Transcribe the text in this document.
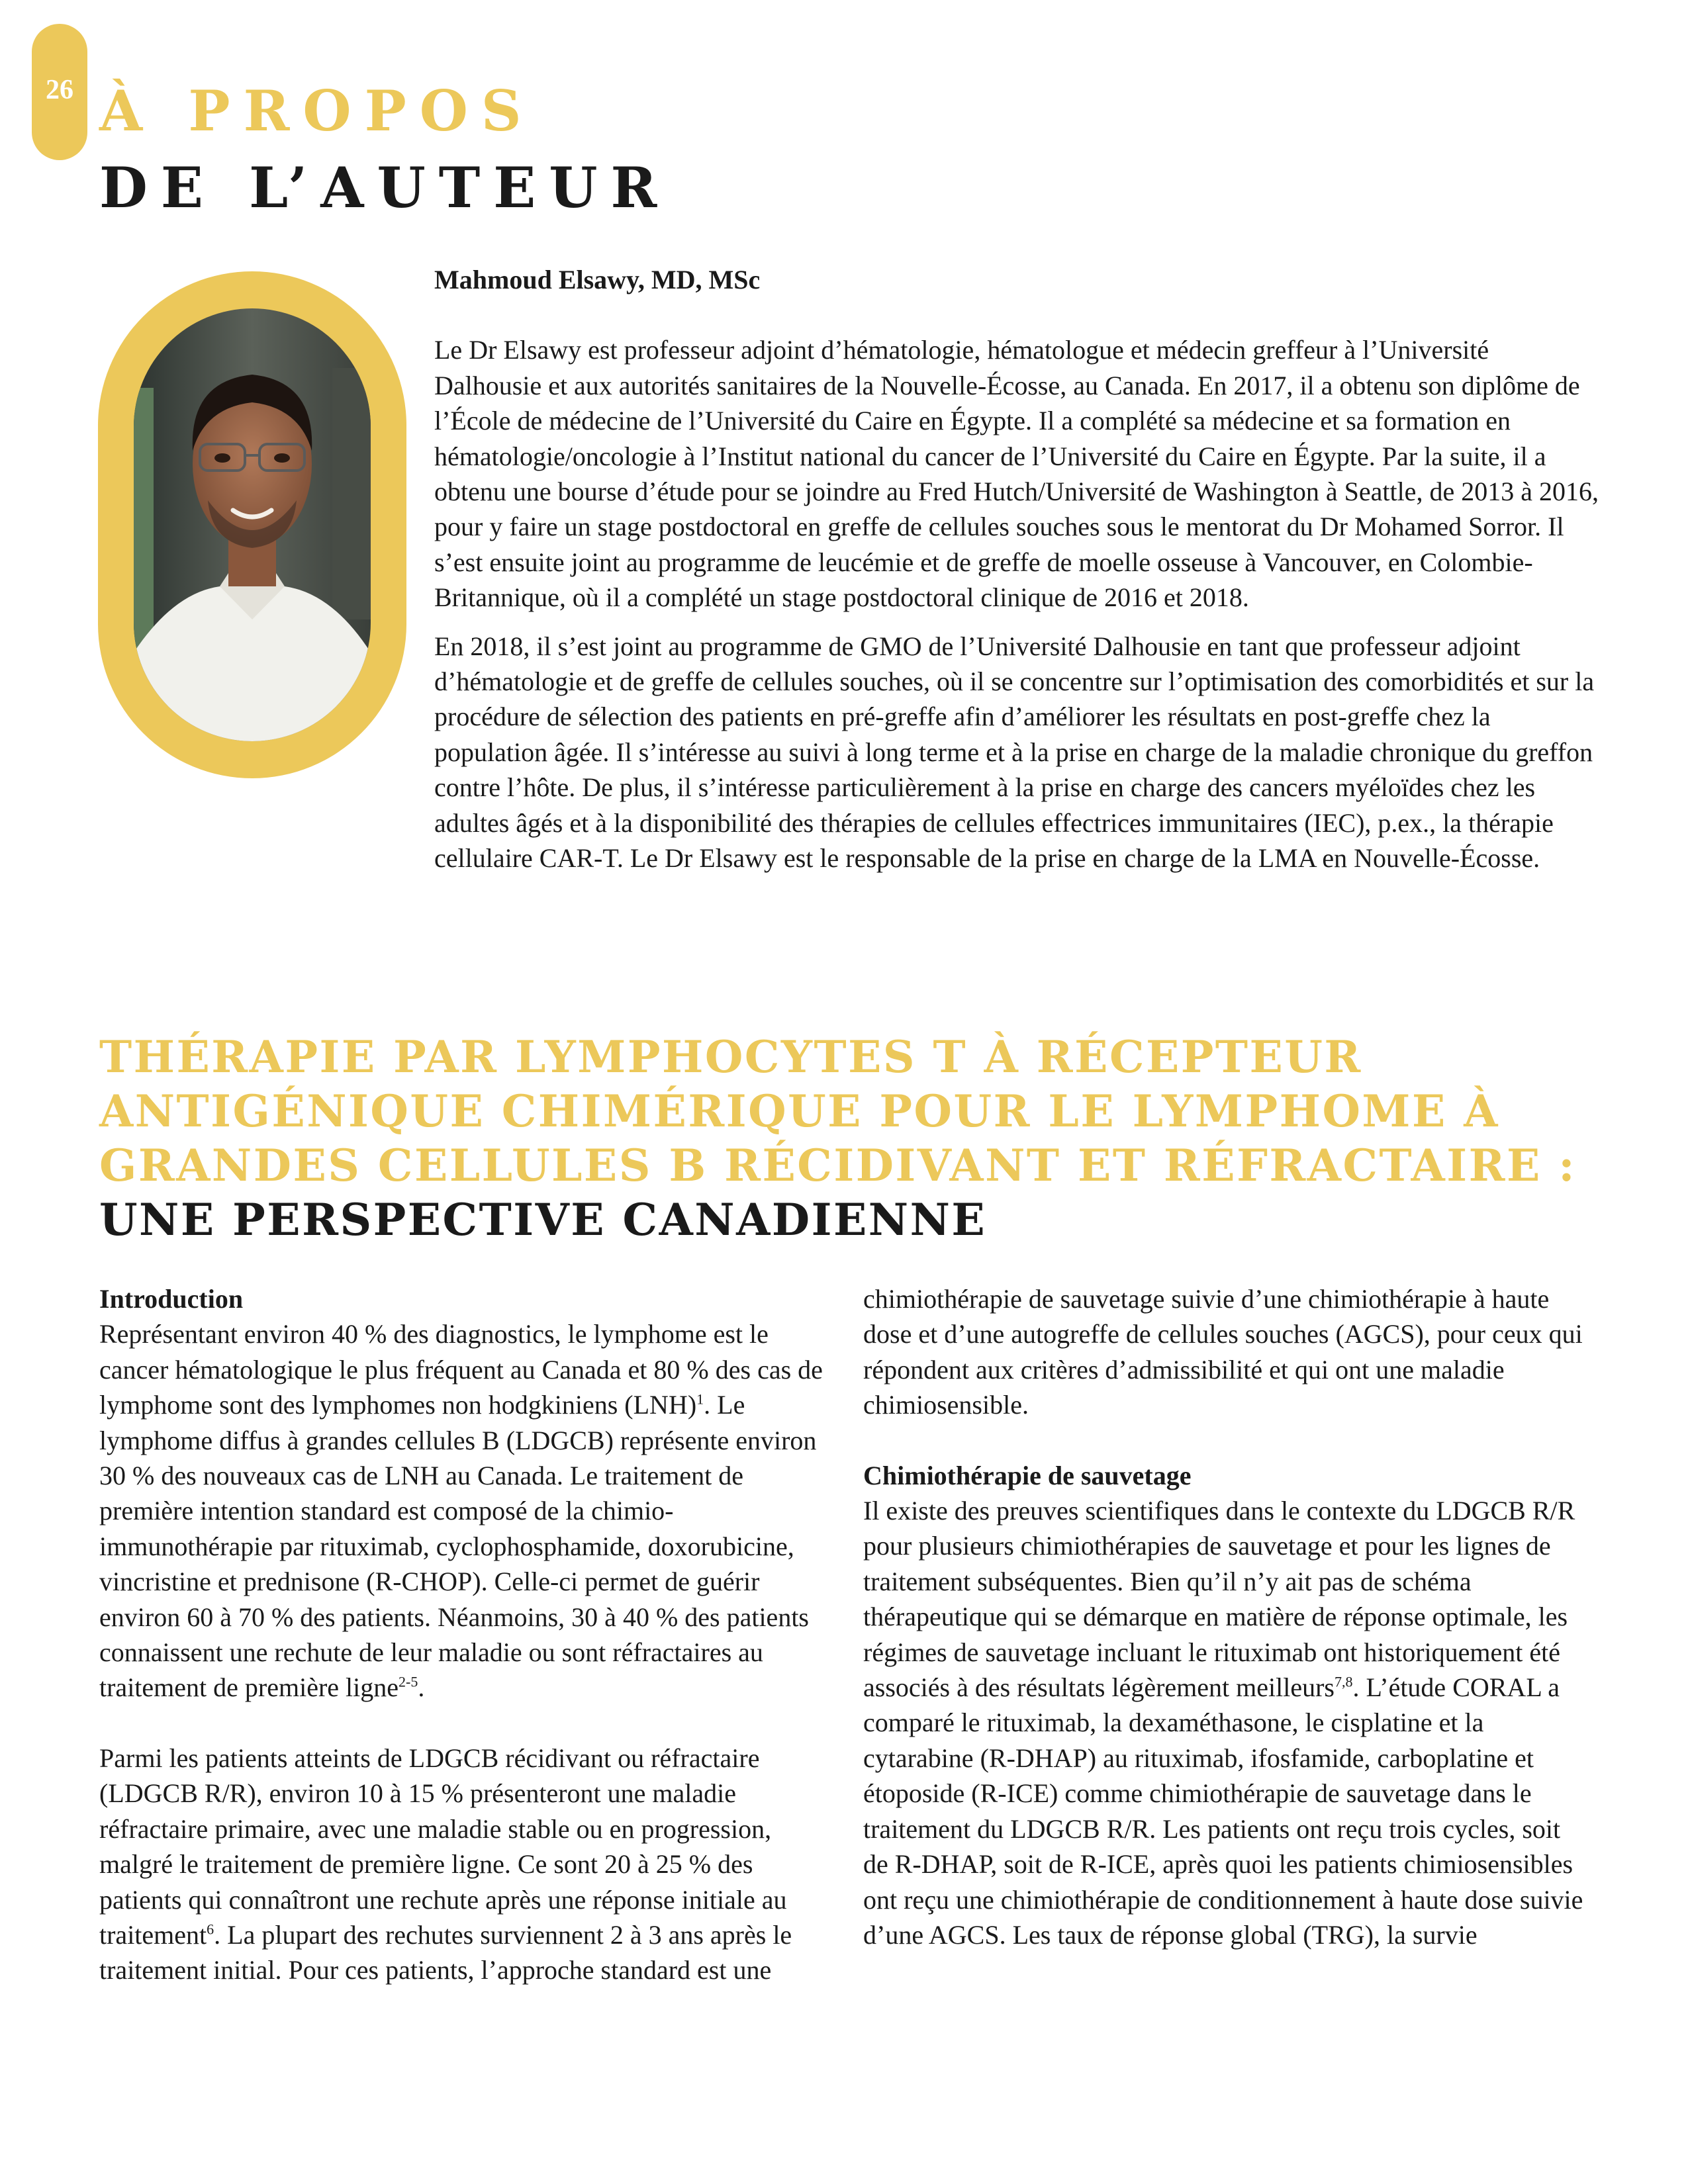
26 À PROPOS
DE L’AUTEUR

Mahmoud Elsawy, MD, MSc

Le Dr Elsawy est professeur adjoint d’hématologie, hématologue et médecin greffeur à l’Université Dalhousie et aux autorités sanitaires de la Nouvelle-Écosse, au Canada. En 2017, il a obtenu son diplôme de l’École de médecine de l’Université du Caire en Égypte. Il a complété sa médecine et sa formation en hématologie/oncologie à l’Institut national du cancer de l’Université du Caire en Égypte. Par la suite, il a obtenu une bourse d’étude pour se joindre au Fred Hutch/Université de Washington à Seattle, de 2013 à 2016, pour y faire un stage postdoctoral en greffe de cellules souches sous le mentorat du Dr Mohamed Sorror. Il s’est ensuite joint au programme de leucémie et de greffe de moelle osseuse à Vancouver, en Colombie-Britannique, où il a complété un stage postdoctoral clinique de 2016 et 2018.

En 2018, il s’est joint au programme de GMO de l’Université Dalhousie en tant que professeur adjoint d’hématologie et de greffe de cellules souches, où il se concentre sur l’optimisation des comorbidités et sur la procédure de sélection des patients en pré-greffe afin d’améliorer les résultats en post-greffe chez la population âgée. Il s’intéresse au suivi à long terme et à la prise en charge de la maladie chronique du greffon contre l’hôte. De plus, il s’intéresse particulièrement à la prise en charge des cancers myéloïdes chez les adultes âgés et à la disponibilité des thérapies de cellules effectrices immunitaires (IEC), p.ex., la thérapie cellulaire CAR-T. Le Dr Elsawy est le responsable de la prise en charge de la LMA en Nouvelle-Écosse.

THÉRAPIE PAR LYMPHOCYTES T À RÉCEPTEUR
ANTIGÉNIQUE CHIMÉRIQUE POUR LE LYMPHOME À
GRANDES CELLULES B RÉCIDIVANT ET RÉFRACTAIRE :
UNE PERSPECTIVE CANADIENNE

Introduction

Représentant environ 40 % des diagnostics, le lymphome est le cancer hématologique le plus fréquent au Canada et 80 % des cas de lymphome sont des lymphomes non hodgkiniens (LNH)$^1$. Le lymphome diffus à grandes cellules B (LDGCB) représente environ 30 % des nouveaux cas de LNH au Canada. Le traitement de première intention standard est composé de la chimio-immunothérapie par rituximab, cyclophosphamide, doxorubicine, vincristine et prednisone (R-CHOP). Celle-ci permet de guérir environ 60 à 70 % des patients. Néanmoins, 30 à 40 % des patients connaissent une rechute de leur maladie ou sont réfractaires au traitement de première ligne$^{2-5}$.

Parmi les patients atteints de LDGCB récidivant ou réfractaire (LDGCB R/R), environ 10 à 15 % présenteront une maladie réfractaire primaire, avec une maladie stable ou en progression, malgré le traitement de première ligne. Ce sont 20 à 25 % des patients qui connaîtront une rechute après une réponse initiale au traitement$^6$. La plupart des rechutes surviennent 2 à 3 ans après le traitement initial. Pour ces patients, l’approche standard est une

chimiothérapie de sauvetage suivie d’une chimiothérapie à haute dose et d’une autogreffe de cellules souches (AGCS), pour ceux qui répondent aux critères d’admissibilité et qui ont une maladie chimiosensible.

Chimiothérapie de sauvetage

Il existe des preuves scientifiques dans le contexte du LDGCB R/R pour plusieurs chimiothérapies de sauvetage et pour les lignes de traitement subséquentes. Bien qu’il n’y ait pas de schéma thérapeutique qui se démarque en matière de réponse optimale, les régimes de sauvetage incluant le rituximab ont historiquement été associés à des résultats légèrement meilleurs$^{7,8}$. L’étude CORAL a comparé le rituximab, la dexaméthasone, le cisplatine et la cytarabine (R-DHAP) au rituximab, ifosfamide, carboplatine et étoposide (R-ICE) comme chimiothérapie de sauvetage dans le traitement du LDGCB R/R. Les patients ont reçu trois cycles, soit de R-DHAP, soit de R-ICE, après quoi les patients chimiosensibles ont reçu une chimiothérapie de conditionnement à haute dose suivie d’une AGCS. Les taux de réponse global (TRG), la survie
